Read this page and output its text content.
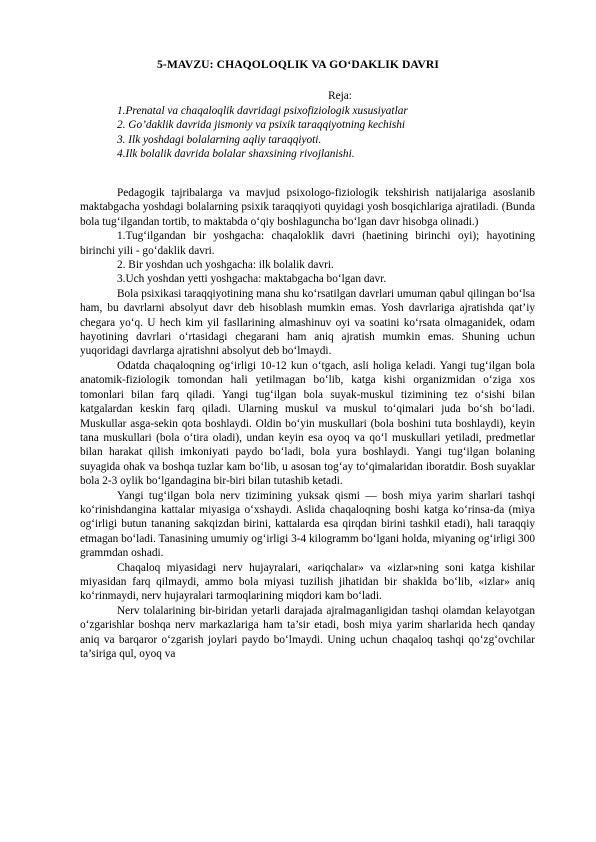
5-MAVZU: CHAQOLOQLIK VA GO‘DAKLIK DAVRI
Reja:
1.Prenatal va chaqaloqlik davridagi psixofiziologik xususiyatlar
2. Go’daklik davrida jismoniy va psixik taraqqiyotning kechishi
3. Ilk yoshdagi bolalarning aqliy taraqqiyoti.
4.Ilk bolalik davrida bolalar shaxsining rivojlanishi.

Pedagogik tajribalarga va mavjud psixologo-fiziologik tekshirish natijalariga asoslanib maktabgacha yoshdagi bolalarning psixik taraqqiyoti quyidagi yosh bosqichlariga ajratiladi. (Bunda bola tug‘ilgandan tortib, to maktabda o‘qiy boshlaguncha bo‘lgan davr hisobga olinadi.)

1.Tug‘ilgandan bir yoshgacha: chaqaloklik davri (haetining birinchi oyi); hayotining birinchi yili - go‘daklik davri.

2. Bir yoshdan uch yoshgacha: ilk bolalik davri.

3.Uch yoshdan yetti yoshgacha: maktabgacha bo‘lgan davr.

Bola psixikasi taraqqiyotining mana shu ko‘rsatilgan davrlari umuman qabul qilingan bo‘lsa ham, bu davrlarni absolyut davr deb hisoblash mumkin emas. Yosh davrlariga ajratishda qat’iy chegara yo‘q. U hech kim yil fasllarining almashinuv oyi va soatini ko‘rsata olmaganidek, odam hayotining davrlari o‘rtasidagi chegarani ham aniq ajratish mumkin emas. Shuning uchun yuqoridagi davrlarga ajratishni absolyut deb bo‘lmaydi.

Odatda chaqaloqning og‘irligi 10-12 kun o‘tgach, asli holiga keladi. Yangi tug‘ilgan bola anatomik-fiziologik tomondan hali yetilmagan bo‘lib, katga kishi organizmidan o‘ziga xos tomonlari bilan farq qiladi. Yangi tug‘ilgan bola suyak-muskul tizimining tez o‘sishi bilan katgalardan keskin farq qiladi. Ularning muskul va muskul to‘qimalari juda bo‘sh bo‘ladi. Muskullar asga-sekin qota boshlaydi. Oldin bo‘yin muskullari (bola boshini tuta boshlaydi), keyin tana muskullari (bola o‘tira oladi), undan keyin esa oyoq va qo‘l muskullari yetiladi, predmetlar bilan harakat qilish imkoniyati paydo bo‘ladi, bola yura boshlaydi. Yangi tug‘ilgan bolaning suyagida ohak va boshqa tuzlar kam bo‘lib, u asosan tog‘ay to‘qimalaridan iboratdir. Bosh suyaklar bola 2-3 oylik bo‘lgandagina bir-biri bilan tutashib ketadi.

Yangi tug‘ilgan bola nerv tizimining yuksak qismi — bosh miya yarim sharlari tashqi ko‘rinishdangina kattalar miyasiga o‘xshaydi. Aslida chaqaloqning boshi katga ko‘rinsa-da (miya og‘irligi butun tananing sakqizdan birini, kattalarda esa qirqdan birini tashkil etadi), hali taraqqiy etmagan bo‘ladi. Tanasining umumiy og‘irligi 3-4 kilogramm bo‘lgani holda, miyaning og‘irligi 300 grammdan oshadi.

Chaqaloq miyasidagi nerv hujayralari, «ariqchalar» va «izlar»ning soni katga kishilar miyasidan farq qilmaydi, ammo bola miyasi tuzilish jihatidan bir shaklda bo‘lib, «izlar» aniq ko‘rinmaydi, nerv hujayralari tarmoqlarining miqdori kam bo‘ladi.

Nerv tolalarining bir-biridan yetarli darajada ajralmaganligidan tashqi olamdan kelayotgan o‘zgarishlar boshqa nerv markazlariga ham ta’sir etadi, bosh miya yarim sharlarida hech qanday aniq va barqaror o‘zgarish joylari paydo bo‘lmaydi. Uning uchun chaqaloq tashqi qo‘zg‘ovchilar ta’siriga qul, oyoq va
